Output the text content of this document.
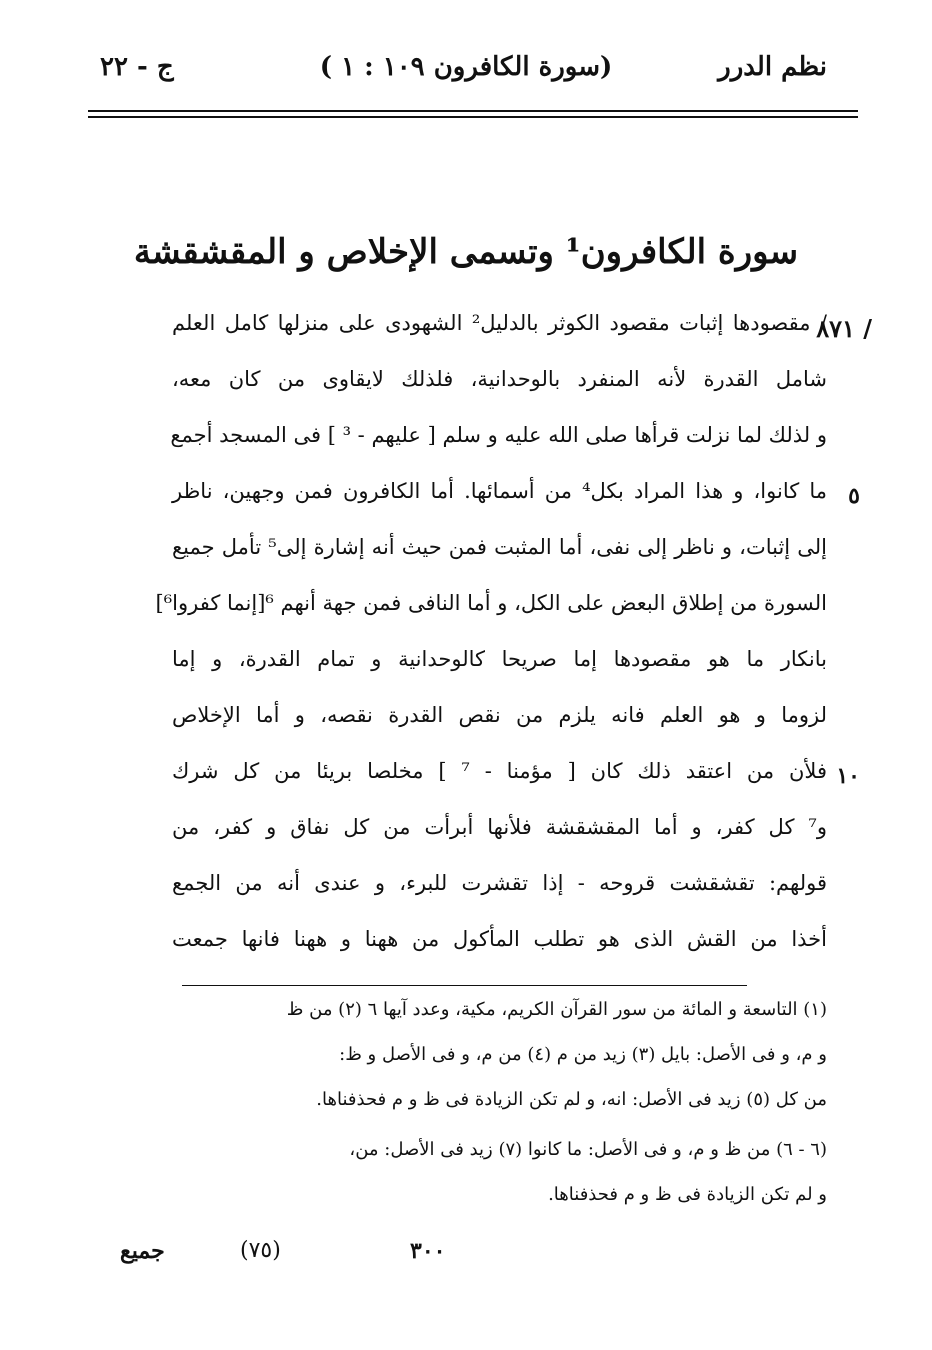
نظم الدرر
(سورة الكافرون ١٠٩ : ١ )
ج - ٢٢
سورة الكافرون¹ وتسمى الإخلاص و المقشقشة
/ ٨٧١
٥
١٠
/ مقصودها إثبات مقصود الكوثر بالدليل² الشهودى على منزلها كامل العلم
شامل القدرة لأنه المنفرد بالوحدانية، فلذلك لايقاوى من كان معه،
و لذلك لما نزلت قرأها صلى الله عليه و سلم [ عليهم - ³ ] فى المسجد أجمع
ما كانوا، و هذا المراد بكل⁴ من أسمائها. أما الكافرون فمن وجهين، ناظر
إلى إثبات، و ناظر إلى نفى، أما المثبت فمن حيث أنه إشارة إلى⁵ تأمل جميع
السورة من إطلاق البعض على الكل، و أما النافى فمن جهة أنهم ⁶[إنما كفروا⁶]
بانكار ما هو مقصودها إما صريحا كالوحدانية و تمام القدرة، و إما
لزوما و هو العلم فانه يلزم من نقص القدرة نقصه، و أما الإخلاص
فلأن من اعتقد ذلك كان [ مؤمنا - ⁷ ] مخلصا بريئا من كل شرك
و⁷ كل كفر، و أما المقشقشة فلأنها أبرأت من كل نفاق و كفر، من
قولهم: تقشقشت قروحه - إذا تقشرت للبرء، و عندى أنه من الجمع
أخذا من القش الذى هو تطلب المأكول من ههنا و ههنا فانها جمعت
(١) التاسعة و المائة من سور القرآن الكريم، مكية، وعدد آيها ٦ (٢) من ظ
و م، و فى الأصل: بايل (٣) زيد من م (٤) من م، و فى الأصل و ظ:
من كل (٥) زيد فى الأصل: انه، و لم تكن الزيادة فى ظ و م فحذفناها.
(٦ - ٦) من ظ و م، و فى الأصل: ما كانوا (٧) زيد فى الأصل: من،
و لم تكن الزيادة فى ظ و م فحذفناها.
٣٠٠
(٧٥)
جميع
